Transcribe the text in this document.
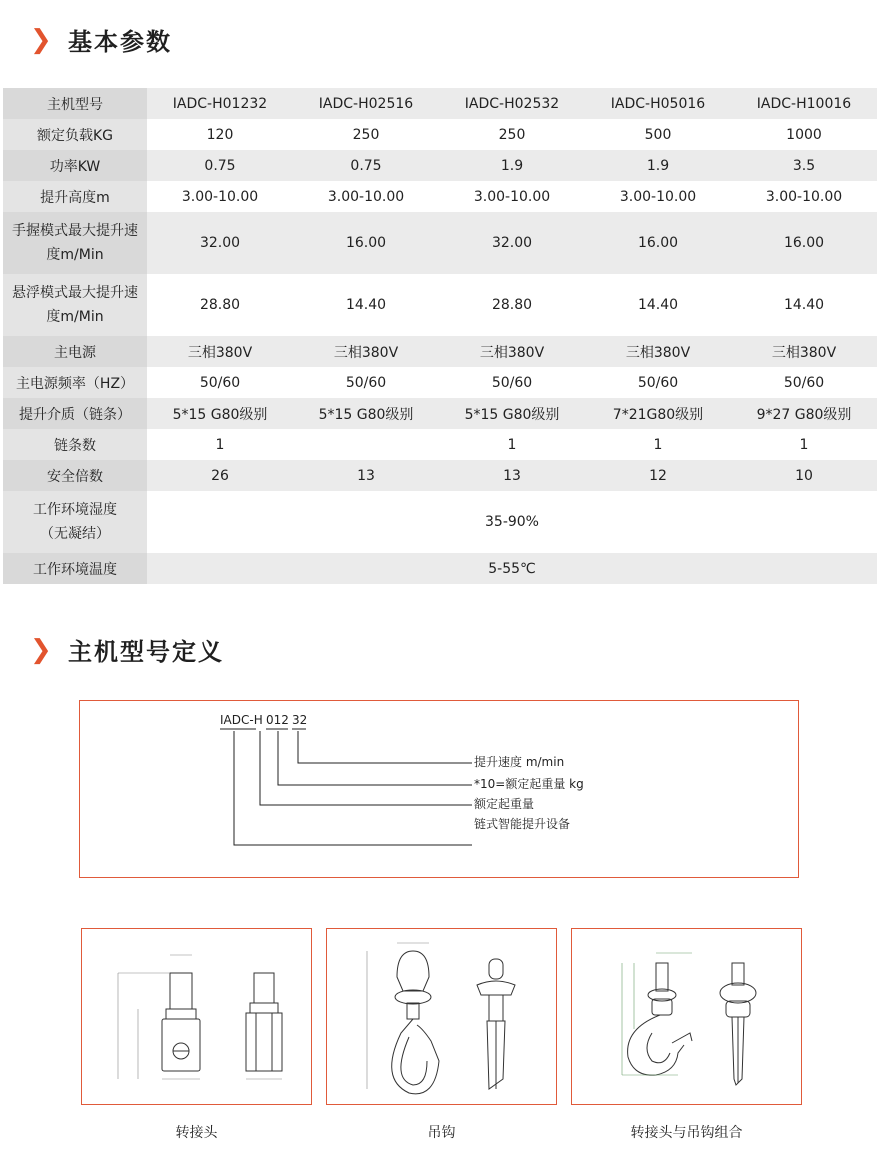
❯ 基本参数
主机型号	IADC-H01232	IADC-H02516	IADC-H02532	IADC-H05016	IADC-H10016
额定负载KG	120	250	250	500	1000
功率KW	0.75	0.75	1.9	1.9	3.5
提升高度m	3.00-10.00	3.00-10.00	3.00-10.00	3.00-10.00	3.00-10.00
手握模式最大提升速度m/Min	32.00	16.00	32.00	16.00	16.00
悬浮模式最大提升速度m/Min	28.80	14.40	28.80	14.40	14.40
主电源	三相380V	三相380V	三相380V	三相380V	三相380V
主电源频率（HZ）	50/60	50/60	50/60	50/60	50/60
提升介质（链条）	5*15 G80级别	5*15 G80级别	5*15 G80级别	7*21G80级别	9*27 G80级别
链条数	1		1	1	1
安全倍数	26	13	13	12	10
工作环境湿度（无凝结）	35-90%				
工作环境温度	5-55℃				
❯ 主机型号定义
IADC-H 012 32
提升速度 m/min
*10=额定起重量 kg
额定起重量
链式智能提升设备
转接头	吊钩	转接头与吊钩组合
